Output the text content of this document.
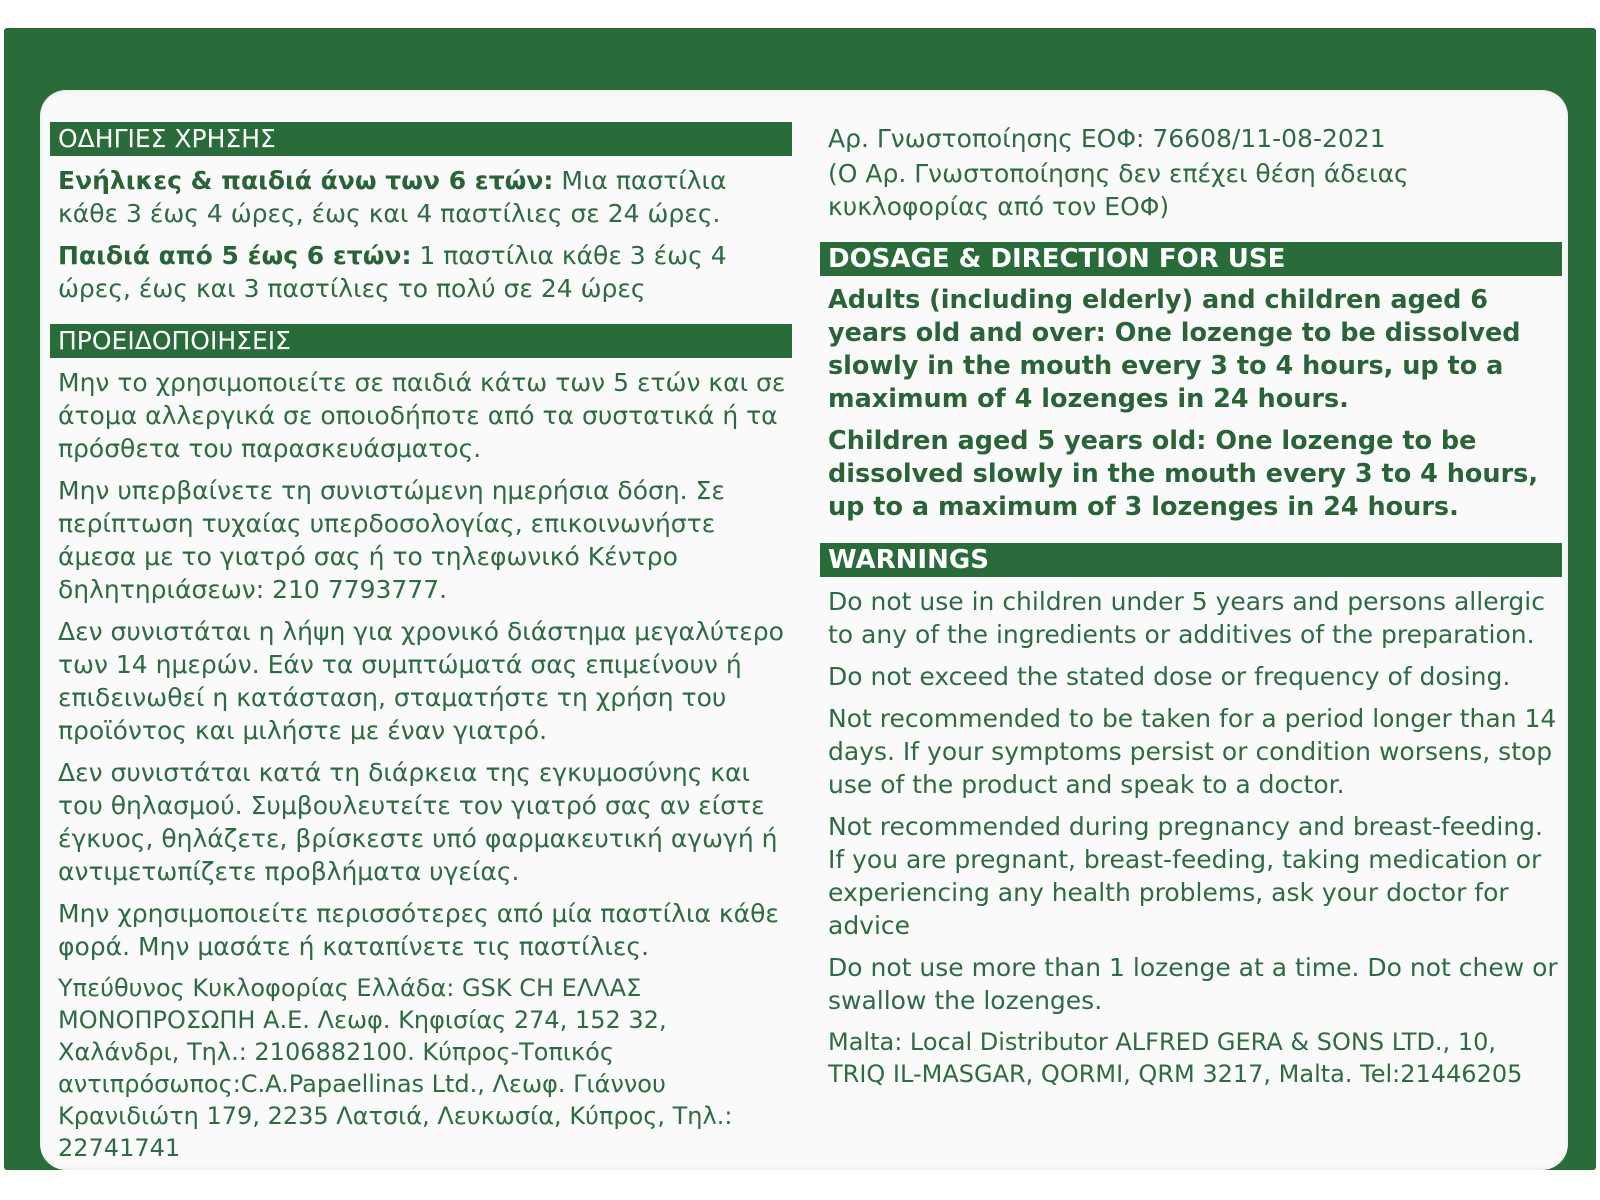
ΟΔΗΓΙΕΣ ΧΡΗΣΗΣ
Ενήλικες & παιδιά άνω των 6 ετών: Μια παστίλια κάθε 3 έως 4 ώρες, έως και 4 παστίλιες σε 24 ώρες.
Παιδιά από 5 έως 6 ετών: 1 παστίλια κάθε 3 έως 4 ώρες, έως και 3 παστίλιες το πολύ σε 24 ώρες
ΠΡΟΕΙΔΟΠΟΙΗΣΕΙΣ
Μην το χρησιμοποιείτε σε παιδιά κάτω των 5 ετών και σε άτομα αλλεργικά σε οποιοδήποτε από τα συστατικά ή τα πρόσθετα του παρασκευάσματος.
Μην υπερβαίνετε τη συνιστώμενη ημερήσια δόση. Σε περίπτωση τυχαίας υπερδοσολογίας, επικοινωνήστε άμεσα με το γιατρό σας ή το τηλεφωνικό Κέντρο δηλητηριάσεων: 210 7793777.
Δεν συνιστάται η λήψη για χρονικό διάστημα μεγαλύτερο των 14 ημερών. Εάν τα συμπτώματά σας επιμείνουν ή επιδεινωθεί η κατάσταση, σταματήστε τη χρήση του προϊόντος και μιλήστε με έναν γιατρό.
Δεν συνιστάται κατά τη διάρκεια της εγκυμοσύνης και του θηλασμού. Συμβουλευτείτε τον γιατρό σας αν είστε έγκυος, θηλάζετε, βρίσκεστε υπό φαρμακευτική αγωγή ή αντιμετωπίζετε προβλήματα υγείας.
Μην χρησιμοποιείτε περισσότερες από μία παστίλια κάθε φορά. Μην μασάτε ή καταπίνετε τις παστίλιες.
Υπεύθυνος Κυκλοφορίας Ελλάδα: GSK CH ΕΛΛΑΣ ΜΟΝΟΠΡΟΣΩΠΗ Α.Ε. Λεωφ. Κηφισίας 274, 152 32, Χαλάνδρι, Τηλ.: 2106882100. Κύπρος-Τοπικός αντιπρόσωπος:C.A.Papaellinas Ltd., Λεωφ. Γιάννου Κρανιδιώτη 179, 2235 Λατσιά, Λευκωσία, Κύπρος, Τηλ.: 22741741
Αρ. Γνωστοποίησης ΕΟΦ: 76608/11-08-2021
(Ο Αρ. Γνωστοποίησης δεν επέχει θέση άδειας κυκλοφορίας από τον ΕΟΦ)
DOSAGE & DIRECTION FOR USE
Adults (including elderly) and children aged 6 years old and over: One lozenge to be dissolved slowly in the mouth every 3 to 4 hours, up to a maximum of 4 lozenges in 24 hours.
Children aged 5 years old: One lozenge to be dissolved slowly in the mouth every 3 to 4 hours, up to a maximum of 3 lozenges in 24 hours.
WARNINGS
Do not use in children under 5 years and persons allergic to any of the ingredients or additives of the preparation.
Do not exceed the stated dose or frequency of dosing.
Not recommended to be taken for a period longer than 14 days. If your symptoms persist or condition worsens, stop use of the product and speak to a doctor.
Not recommended during pregnancy and breast-feeding. If you are pregnant, breast-feeding, taking medication or experiencing any health problems, ask your doctor for advice
Do not use more than 1 lozenge at a time. Do not chew or swallow the lozenges.
Malta: Local Distributor ALFRED GERA & SONS LTD., 10, TRIQ IL-MASGAR, QORMI, QRM 3217, Malta. Tel:21446205
